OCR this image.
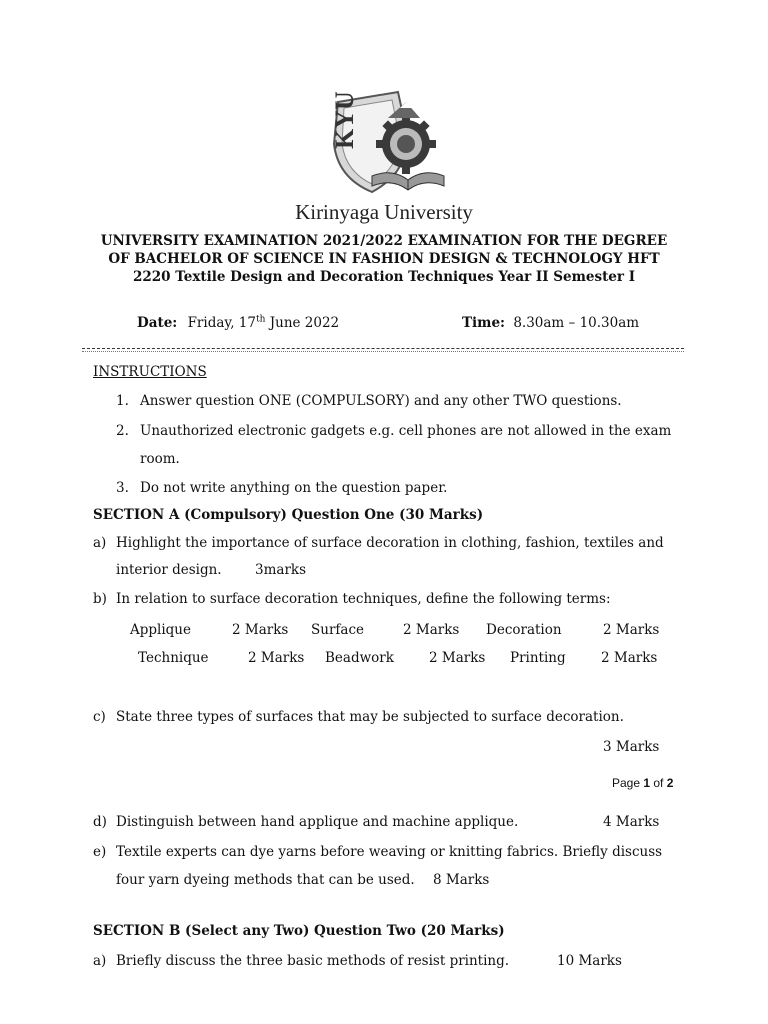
KYU
Kirinyaga University
UNIVERSITY EXAMINATION 2021/2022 EXAMINATION FOR THE DEGREE
OF BACHELOR OF SCIENCE IN FASHION DESIGN & TECHNOLOGY HFT
2220 Textile Design and Decoration Techniques Year II Semester I
Date: Friday, 17th June 2022	Time: 8.30am – 10.30am
INSTRUCTIONS
1. Answer question ONE (COMPULSORY) and any other TWO questions.
2. Unauthorized electronic gadgets e.g. cell phones are not allowed in the exam
room.
3. Do not write anything on the question paper.
SECTION A (Compulsory) Question One (30 Marks)
a) Highlight the importance of surface decoration in clothing, fashion, textiles and
interior design. 3marks
b) In relation to surface decoration techniques, define the following terms:
Applique	2 Marks Surface	2 Marks Decoration	2 Marks
Technique	2 Marks Beadwork	2 Marks Printing	2 Marks
c) State three types of surfaces that may be subjected to surface decoration.
3 Marks
Page 1 of 2
d) Distinguish between hand applique and machine applique.	4 Marks
e) Textile experts can dye yarns before weaving or knitting fabrics. Briefly discuss
four yarn dyeing methods that can be used. 8 Marks
SECTION B (Select any Two) Question Two (20 Marks)
a) Briefly discuss the three basic methods of resist printing.	10 Marks
